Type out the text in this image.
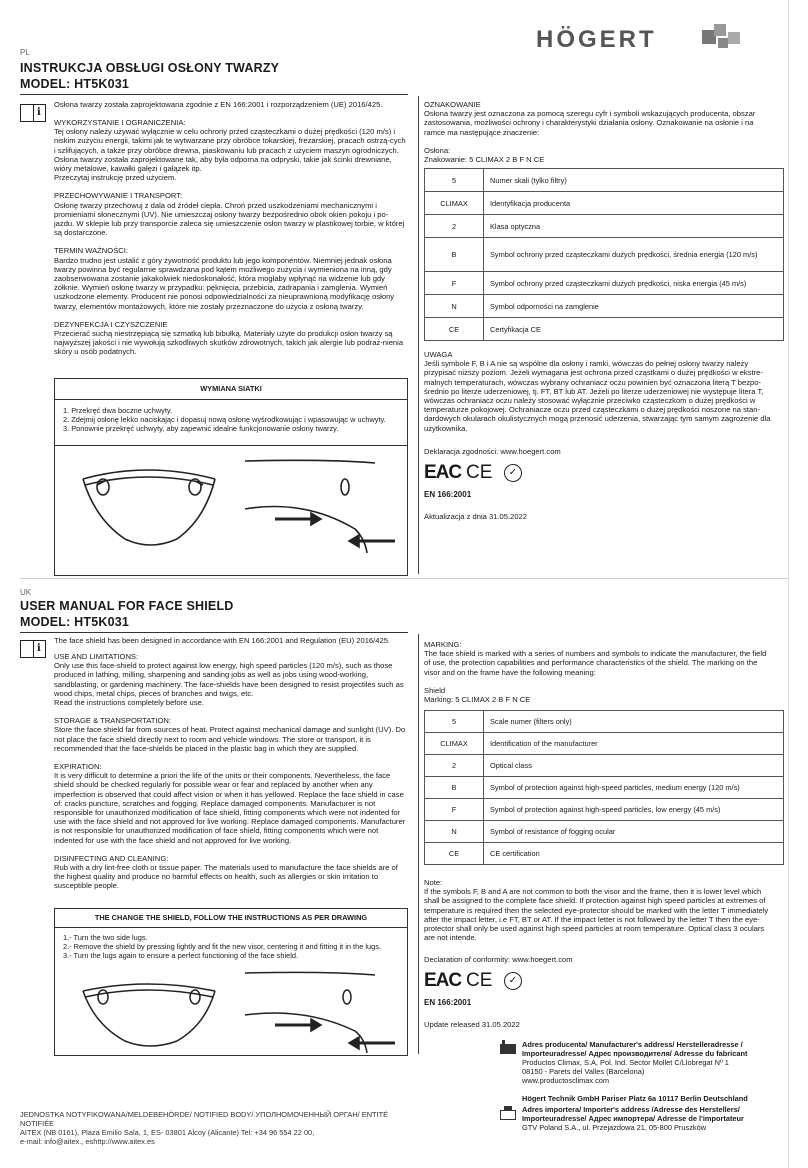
HÖGERT
PL
INSTRUKCJA OBSŁUGI OSŁONY TWARZY
MODEL: HT5K031
i

Osłona twarzy została zaprojektowana zgodnie z EN 166:2001 i rozporządzeniem (UE) 2016/425.

WYKORZYSTANIE I OGRANICZENIA:

Tej osłony należy używać wyłącznie w celu ochrony przed cząsteczkami o dużej prędkości (120 m/s) i niskim zużyciu energii, takimi jak te wytwarzane przy obróbce tokarskiej, frezarskiej, pracach ostrzą-cych i szlifujących, a także przy obróbce drewna, piaskowaniu lub pracach z użyciem maszyn ogrodniczych. Osłona twarzy została zaprojektowane tak, aby była odporna na odpryski, takie jak ścinki drewniane, wióry metalowe, kawałki gałęzi i gałązek itp.

Przeczytaj instrukcję przed użyciem.

PRZECHOWYWANIE I TRANSPORT:

Osłonę twarzy przechowuj z dala od źródeł ciepła. Chroń przed uszkodzeniami mechanicznymi i promieniami słonecznymi (UV). Nie umieszczaj osłony twarzy bezpośrednio obok okien pokoju i po-jazdu. W sklepie lub przy transporcie zaleca się umieszczenie osłon twarzy w plastikowej torbie, w której są dostarczone.

TERMIN WAŻNOŚCI:

Bardzo trudno jest ustalić z góry żywotność produktu lub jego komponentów. Niemniej jednak osłona twarzy powinna być regularnie sprawdzana pod kątem możliwego zużycia i wymieniona na inną, gdy zaobserwowana zostanie jakakolwiek niedoskonałość, która mogłaby wpłynąć na widzenie lub gdy żółknie. Wymień osłonę twarzy w przypadku: pęknięcia, przebicia, zadrapania i zamglenia. Wymień uszkodzone elementy. Producent nie ponosi odpowiedzialności za nieuprawnioną modyfikację osłony twarzy, elementów montażowych, które nie zostały przeznaczone do użycia z osłoną twarzy.

DEZYNFEKCJA I CZYSZCZENIE

Przecierać suchą niestrzępiącą się szmatką lub bibułką. Materiały użyte do produkcji osłon twarzy są najwyższej jakości i nie wywołują szkodliwych skutków zdrowotnych, takich jak alergie lub podraż-nienia skóry u osób podatnych.

WYMIANA SIATKI
1. Przekręć dwa boczne uchwyty.
2. Zdejmij osłonę lekko naciskając i dopasuj nową osłonę wyśrodkowując i wpasowując w uchwyty.
3. Ponownie przekręć uchwyty, aby zapewnić idealne funkcjonowanie osłony twarzy.

OZNAKOWANIE

Osłona twarzy jest oznaczona za pomocą szeregu cyfr i symboli wskazujących producenta, obszar zastosowania, możliwości ochrony i charakterystyki działania osłony. Oznakowanie na osłonie i na ramce ma następujące znaczenie:

Osłona:

Znakowanie: 5 CLIMAX 2 B F N CE

5	Numer skali (tylko filtry)
CLIMAX	Identyfikacja producenta
2	Klasa optyczna
B	Symbol ochrony przed cząsteczkami dużych prędkości, średnia energia (120 m/s)
F	Symbol ochrony przed cząsteczkami dużych prędkości, niska energia (45 m/s)
N	Symbol odporności na zamglenie
CE	Certyfikacja CE

UWAGA

Jeśli symbole F, B i A nie są wspólne dla osłony i ramki, wówczas do pełnej osłony twarzy należy przypisać niższy poziom. Jeżeli wymagana jest ochrona przed cząstkami o dużej prędkości w ekstre-malnych temperaturach, wówczas wybrany ochraniacz oczu powinien być oznaczona literą T bezpo-średnio po literze uderzeniowej, tj. FT, BT lub AT. Jeżeli po literze uderzeniowej nie występuje litera T, wówczas ochraniacz oczu należy stosować wyłącznie przeciwko cząsteczkom o dużej prędkości w temperaturze pokojowej. Ochraniacze oczu przed cząsteczkami o dużej prędkości noszone na stan-dardowych okularach okulistycznych mogą przenosić uderzenia, stwarzając tym samym zagrożenie dla użytkownika.

Deklaracja zgodności: www.hoegert.com
EAC CE	✓
EN 166:2001
Aktualizacja z dnia 31.05.2022
UK
USER MANUAL FOR FACE SHIELD
MODEL: HT5K031
i
The face shield has been designed in accordance with EN 166:2001 and Regulation (EU) 2016/425.

USE AND LIMITATIONS:

Only use this face-shield to protect against low energy, high speed particles (120 m/s), such as those produced in lathing, milling, sharpening and sanding jobs as well as jobs using wood-working, sandblasting, or gardening machinery. The face-shields have been designed to resist projectiles such as wood chips, metal chips, pieces of branches and twigs, etc.

Read the instructions completely before use.

STORAGE & TRANSPORTATION:

Store the face shield far from sources of heat. Protect against mechanical damage and sunlight (UV). Do not place the face shield directly next to room and vehicle windows. The store or transport, it is recommended that the face-shields be placed in the plastic bag in which they are supplied.

EXPIRATION:

It is very difficult to determine a priori the life of the units or their components. Nevertheless, the face shield should be checked regularly for possible wear or fear and replaced by another when any imperfection is observed that could affect vision or when it has yellowed. Replace the face shield in case of: cracks puncture, scratches and fogging. Replace damaged components. Manufacturer is not responsible for unauthorized modification of face shield, fitting components which were not indented for use with the face shield and not approved for live working. Replace damaged components. Manufacturer is not responsible for unauthorized modification of face shield, fitting components which were not indented for use with the face shield and not approved for live working.

DISINFECTING AND CLEANING:

Rub with a dry lint-free cloth or tissue paper. The materials used to manufacture the face shields are of the highest quality and produce no harmful effects on health, such as allergies or skin irritation to susceptible people.

THE CHANGE THE SHIELD, FOLLOW THE INSTRUCTIONS AS PER DRAWING
1.- Turn the two side lugs.
2.- Remove the shield by pressing lightly and fit the new visor, centering it and fitting it in the lugs.
3.- Turn the lugs again to ensure a perfect functioning of the face shield.

MARKING:

The face shield is marked with a series of numbers and symbols to indicate the manufacturer, the field of use, the protection capabilities and performance characteristics of the shield. The marking on the visor and on the frame have the following meaning:

Shield

Marking: 5 CLIMAX 2 B F N CE

5	Scale numer (filters only)
CLIMAX	Identification of the manufacturer
2	Optical class
B	Symbol of protection against high-speed particles, medium energy (120 m/s)
F	Symbol of protection against high-speed particles, low energy (45 m/s)
N	Symbol of resistance of fogging ocular
CE	CE certification

Note:

If the symbols F, B and A are not common to both the visor and the frame, then it is lower level which shall be assigned to the complete face shield. If protection against high speed particles at extremes of temperature is required then the selected eye-protector should be marked with the letter T immediately after the impact letter, i.e FT, BT or AT. If the impact letter is not followed by the letter T then the eye-protector shall only be used against high speed particles at room temperature. Optical class 3 oculars are not intende.

Declaration of conformity: www.hoegert.com
EAC CE	✓
EN 166:2001
Update released 31.05.2022
JEDNOSTKA NOTYFIKOWANA/MELDEBEHÖRDE/ NOTIFIED BODY/ УПОЛНОМОЧЕННЫЙ ОРГАН/ ENTITÉ NOTIFIÉE
AITEX (NB 0161), Plaza Emilio Sala, 1, ES- 03801 Alcoy (Alicante) Tel: +34 96 554 22 00,
e-mail: info@aitex., eshttp://www.aitex.es
Adres producenta/ Manufacturer's address/ Herstelleradresse /
Importeuradresse/ Адрес производителя/ Adresse du fabricant
Productos Climax, S.A, Pol. Ind. Sector Mollet C/Llobregat Nº 1
08150 - Parets del Valles (Barcelona)
www.productosclimax.com
Högert Technik GmbH Pariser Platz 6a 10117 Berlin Deutschland
Adres importera/ Importer's address /Adresse des Herstellers/
Importeuradresse/ Адрес импортера/ Adresse de l'importateur
GTV Poland S.A., ul. Przejazdowa 21, 05-800 Pruszków
